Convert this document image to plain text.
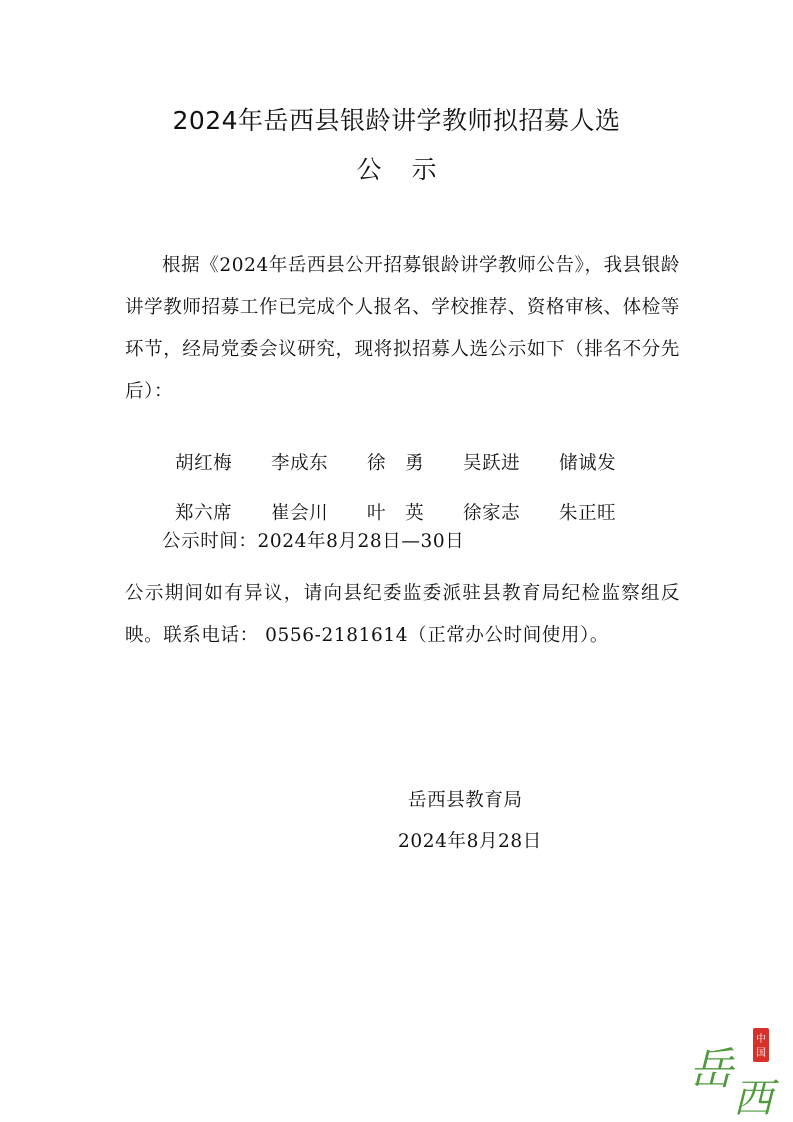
2024年岳西县银龄讲学教师拟招募人选
公示
根据《2024年岳西县公开招募银龄讲学教师公告》，我县银龄讲学教师招募工作已完成个人报名、学校推荐、资格审核、体检等环节，经局党委会议研究，现将拟招募人选公示如下（排名不分先后）：

胡红梅 李成东 徐　勇 吴跃进 储诚发

郑六席 崔会川 叶　英 徐家志 朱正旺

公示时间：2024年8月28日—30日
公示期间如有异议，请向县纪委监委派驻县教育局纪检监察组反映。联系电话： 0556-2181614（正常办公时间使用）。
岳西县教育局
2024年8月28日
中
国
岳
西
